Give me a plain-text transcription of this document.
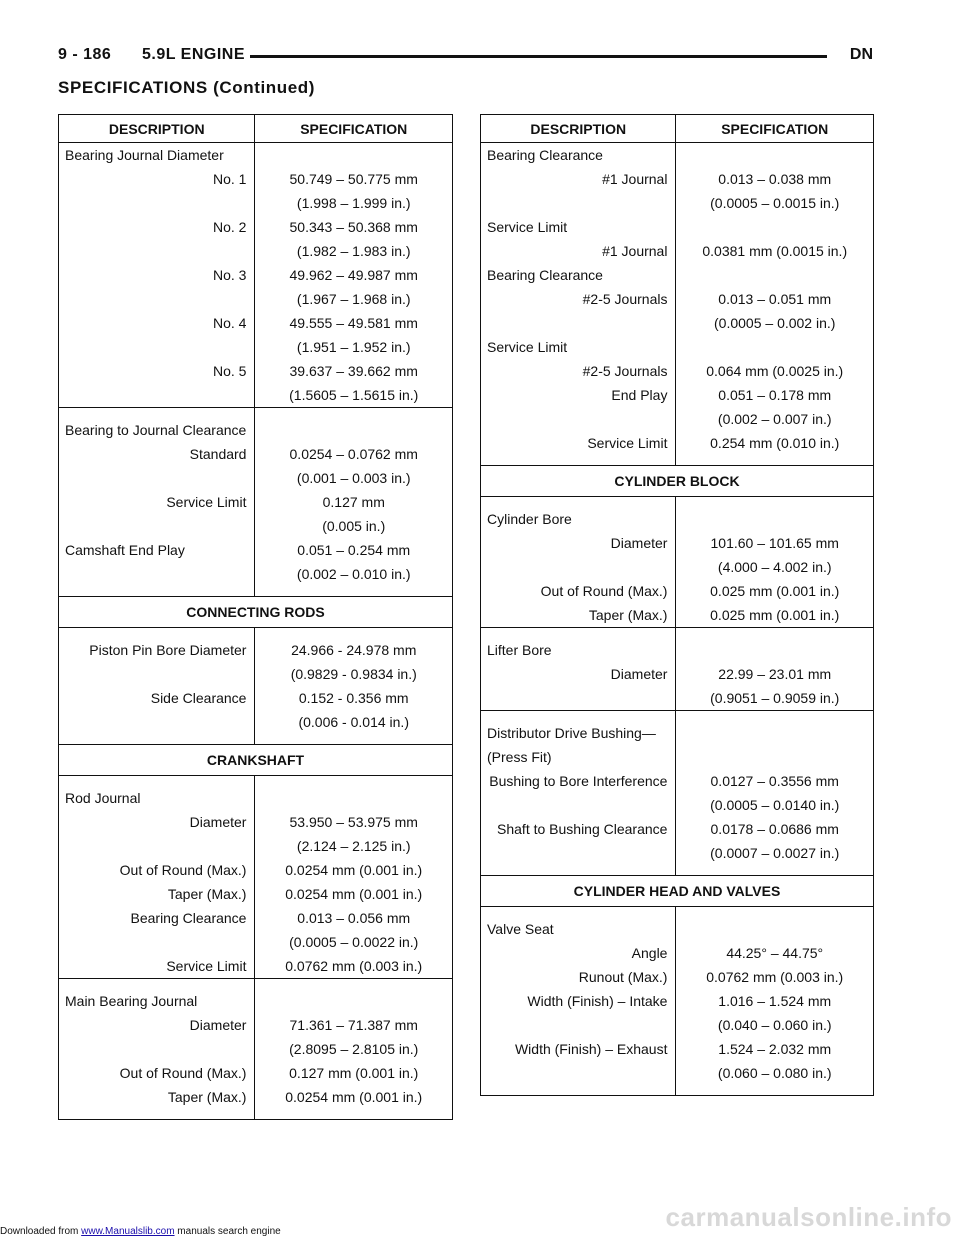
9 - 186 5.9L ENGINE	DN
SPECIFICATIONS (Continued)
DESCRIPTION	SPECIFICATION
Bearing Journal Diameter	
No. 1	50.749 – 50.775 mm
	(1.998 – 1.999 in.)
No. 2	50.343 – 50.368 mm
	(1.982 – 1.983 in.)
No. 3	49.962 – 49.987 mm
	(1.967 – 1.968 in.)
No. 4	49.555 – 49.581 mm
	(1.951 – 1.952 in.)
No. 5	39.637 – 39.662 mm
	(1.5605 – 1.5615 in.)

Bearing to Journal Clearance	
Standard	0.0254 – 0.0762 mm
	(0.001 – 0.003 in.)
Service Limit	0.127 mm
	(0.005 in.)
Camshaft End Play	0.051 – 0.254 mm
	(0.002 – 0.010 in.)

CONNECTING RODS	

Piston Pin Bore Diameter	24.966 - 24.978 mm
	(0.9829 - 0.9834 in.)
Side Clearance	0.152 - 0.356 mm
	(0.006 - 0.014 in.)

CRANKSHAFT	

Rod Journal	
Diameter	53.950 – 53.975 mm
	(2.124 – 2.125 in.)
Out of Round (Max.)	0.0254 mm (0.001 in.)
Taper (Max.)	0.0254 mm (0.001 in.)
Bearing Clearance	0.013 – 0.056 mm
	(0.0005 – 0.0022 in.)
Service Limit	0.0762 mm (0.003 in.)

Main Bearing Journal	
Diameter	71.361 – 71.387 mm
	(2.8095 – 2.8105 in.)
Out of Round (Max.)	0.127 mm (0.001 in.)
Taper (Max.)	0.0254 mm (0.001 in.)

DESCRIPTION	SPECIFICATION
Bearing Clearance	
#1 Journal	0.013 – 0.038 mm
	(0.0005 – 0.0015 in.)
Service Limit	
#1 Journal	0.0381 mm (0.0015 in.)
Bearing Clearance	
#2-5 Journals	0.013 – 0.051 mm
	(0.0005 – 0.002 in.)
Service Limit	
#2-5 Journals	0.064 mm (0.0025 in.)
End Play	0.051 – 0.178 mm
	(0.002 – 0.007 in.)
Service Limit	0.254 mm (0.010 in.)

CYLINDER BLOCK	

Cylinder Bore	
Diameter	101.60 – 101.65 mm
	(4.000 – 4.002 in.)
Out of Round (Max.)	0.025 mm (0.001 in.)
Taper (Max.)	0.025 mm (0.001 in.)

Lifter Bore	
Diameter	22.99 – 23.01 mm
	(0.9051 – 0.9059 in.)

Distributor Drive Bushing—	
(Press Fit)	
Bushing to Bore Interference	0.0127 – 0.3556 mm
	(0.0005 – 0.0140 in.)
Shaft to Bushing Clearance	0.0178 – 0.0686 mm
	(0.0007 – 0.0027 in.)

CYLINDER HEAD AND VALVES	

Valve Seat	
Angle	44.25° – 44.75°
Runout (Max.)	0.0762 mm (0.003 in.)
Width (Finish) – Intake	1.016 – 1.524 mm
	(0.040 – 0.060 in.)
Width (Finish) – Exhaust	1.524 – 2.032 mm
	(0.060 – 0.080 in.)

Downloaded from www.Manualslib.com manuals search engine	carmanualsonline.info
